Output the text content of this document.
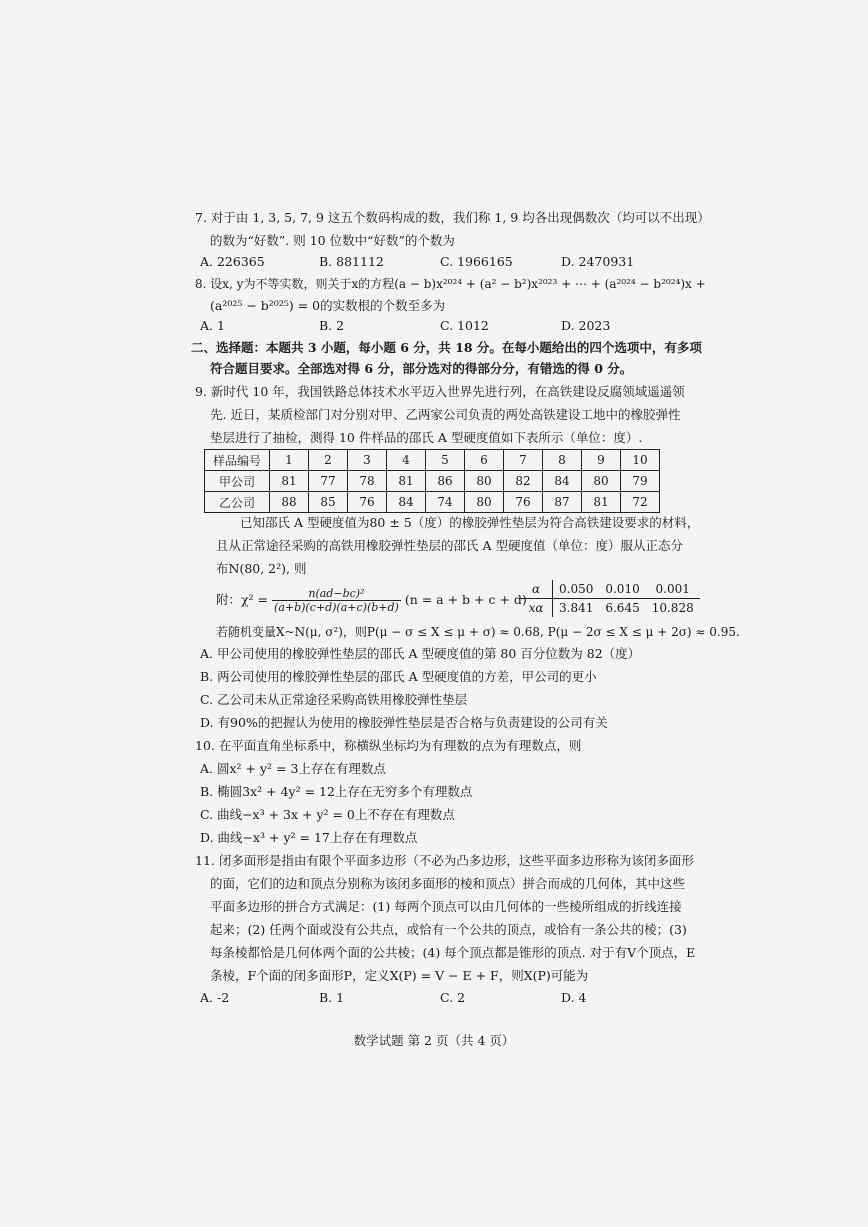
7. 对于由 1, 3, 5, 7, 9 这五个数码构成的数，我们称 1, 9 均各出现偶数次（均可以不出现）
的数为“好数”. 则 10 位数中“好数”的个数为
A. 226365	B. 881112	C. 1966165	D. 2470931
8. 设x, y为不等实数，则关于x的方程(a − b)x²⁰²⁴ + (a² − b²)x²⁰²³ + ⋯ + (a²⁰²⁴ − b²⁰²⁴)x +
(a²⁰²⁵ − b²⁰²⁵) = 0的实数根的个数至多为
A. 1	B. 2	C. 1012	D. 2023
二、选择题：本题共 3 小题，每小题 6 分，共 18 分。在每小题给出的四个选项中，有多项
符合题目要求。全部选对得 6 分，部分选对的得部分分，有错选的得 0 分。
9. 新时代 10 年，我国铁路总体技术水平迈入世界先进行列，在高铁建设反腐领域遥遥领
先. 近日，某质检部门对分别对甲、乙两家公司负责的两处高铁建设工地中的橡胶弹性
垫层进行了抽检，测得 10 件样品的邵氏 A 型硬度值如下表所示（单位：度）.
样品编号	1	2	3	4	5	6	7	8	9	10
甲公司	81	77	78	81	86	80	82	84	80	79
乙公司	88	85	76	84	74	80	76	87	81	72
已知邵氏 A 型硬度值为80 ± 5（度）的橡胶弹性垫层为符合高铁建设要求的材料，
且从正常途径采购的高铁用橡胶弹性垫层的邵氏 A 型硬度值（单位：度）服从正态分
布N(80, 2²), 则
附：$\chi^2 = \frac{\text{n(ad−bc)²}}{(a+b)(c+d)(a+c)(b+d)} (n = a + b + c + d)$
α	0.050	0.010	0.001
xα	3.841	6.645	10.828
若随机变量X~N(μ, σ²)，则P(μ − σ ≤ X ≤ μ + σ) ≈ 0.68, P(μ − 2σ ≤ X ≤ μ + 2σ) ≈ 0.95.
A. 甲公司使用的橡胶弹性垫层的邵氏 A 型硬度值的第 80 百分位数为 82（度）
B. 两公司使用的橡胶弹性垫层的邵氏 A 型硬度值的方差，甲公司的更小
C. 乙公司未从正常途径采购高铁用橡胶弹性垫层
D. 有90%的把握认为使用的橡胶弹性垫层是否合格与负责建设的公司有关
10. 在平面直角坐标系中，称横纵坐标均为有理数的点为有理数点，则
A. 圆x² + y² = 3上存在有理数点
B. 椭圆3x² + 4y² = 12上存在无穷多个有理数点
C. 曲线−x³ + 3x + y² = 0上不存在有理数点
D. 曲线−x³ + y² = 17上存在有理数点
11. 闭多面形是指由有限个平面多边形（不必为凸多边形，这些平面多边形称为该闭多面形
的面，它们的边和顶点分别称为该闭多面形的棱和顶点）拼合而成的几何体，其中这些
平面多边形的拼合方式满足：(1) 每两个顶点可以由几何体的一些棱所组成的折线连接
起来；(2) 任两个面或没有公共点，或恰有一个公共的顶点，或恰有一条公共的棱；(3)
每条棱都恰是几何体两个面的公共棱；(4) 每个顶点都是锥形的顶点. 对于有V个顶点，E
条棱，F个面的闭多面形P，定义X(P) = V − E + F，则X(P)可能为
A. -2	B. 1	C. 2	D. 4
数学试题 第 2 页（共 4 页）
